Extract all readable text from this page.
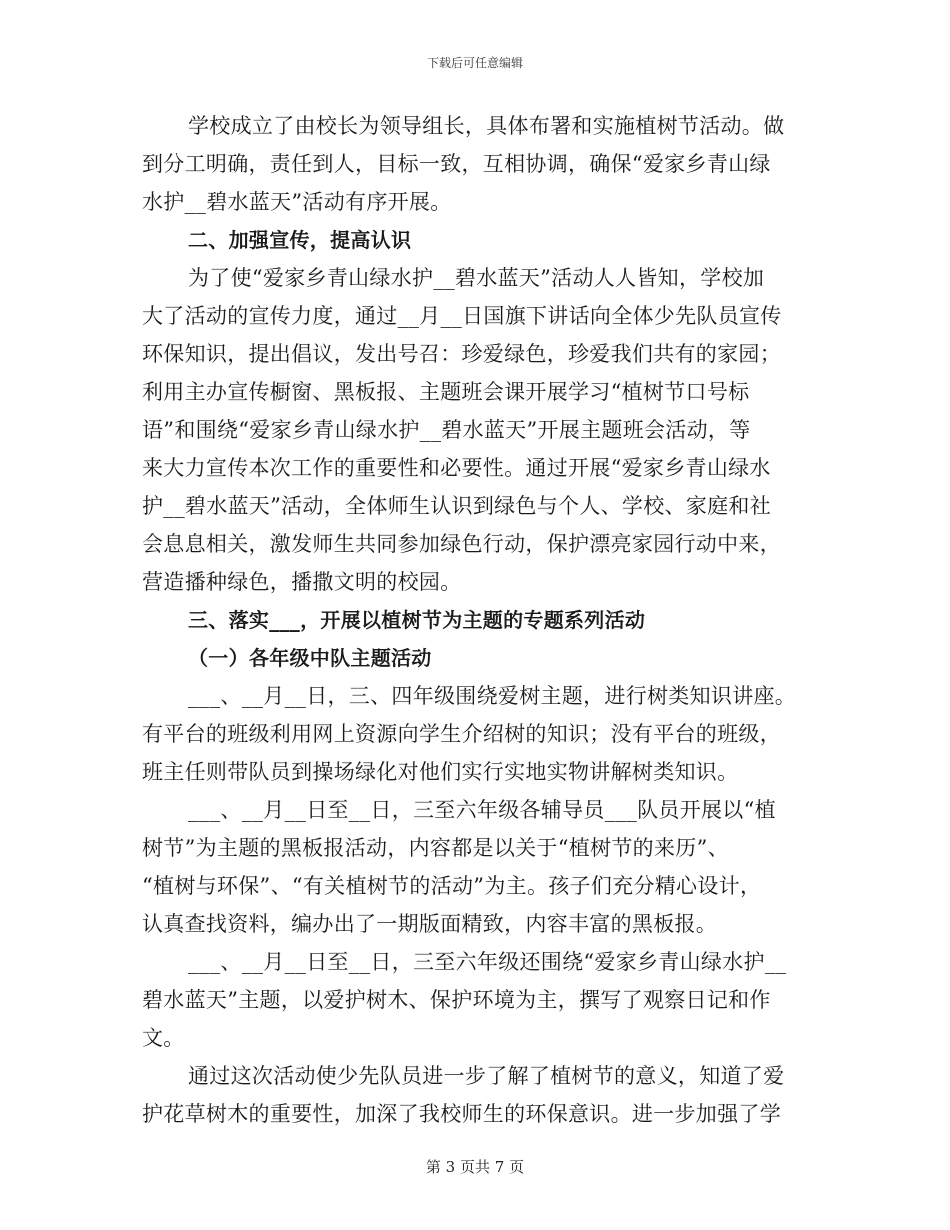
下载后可任意编辑
学校成立了由校长为领导组长，具体布署和实施植树节活动。做
到分工明确，责任到人，目标一致，互相协调，确保“爱家乡青山绿
水护__碧水蓝天”活动有序开展。
二、加强宣传，提高认识
为了使“爱家乡青山绿水护__碧水蓝天”活动人人皆知，学校加
大了活动的宣传力度，通过__月__日国旗下讲话向全体少先队员宣传
环保知识，提出倡议，发出号召：珍爱绿色，珍爱我们共有的家园；
利用主办宣传橱窗、黑板报、主题班会课开展学习“植树节口号标
语”和围绕“爱家乡青山绿水护__碧水蓝天”开展主题班会活动，等
来大力宣传本次工作的重要性和必要性。通过开展“爱家乡青山绿水
护__碧水蓝天”活动，全体师生认识到绿色与个人、学校、家庭和社
会息息相关，激发师生共同参加绿色行动，保护漂亮家园行动中来，
营造播种绿色，播撒文明的校园。
三、落实___，开展以植树节为主题的专题系列活动
（一）各年级中队主题活动
___、__月__日，三、四年级围绕爱树主题，进行树类知识讲座。
有平台的班级利用网上资源向学生介绍树的知识；没有平台的班级，
班主任则带队员到操场绿化对他们实行实地实物讲解树类知识。
___、__月__日至__日，三至六年级各辅导员___队员开展以“植
树节”为主题的黑板报活动，内容都是以关于“植树节的来历”、
“植树与环保”、“有关植树节的活动”为主。孩子们充分精心设计，
认真查找资料，编办出了一期版面精致，内容丰富的黑板报。
___、__月__日至__日，三至六年级还围绕“爱家乡青山绿水护__
碧水蓝天”主题，以爱护树木、保护环境为主，撰写了观察日记和作
文。
通过这次活动使少先队员进一步了解了植树节的意义，知道了爱
护花草树木的重要性，加深了我校师生的环保意识。进一步加强了学
第 3 页共 7 页
